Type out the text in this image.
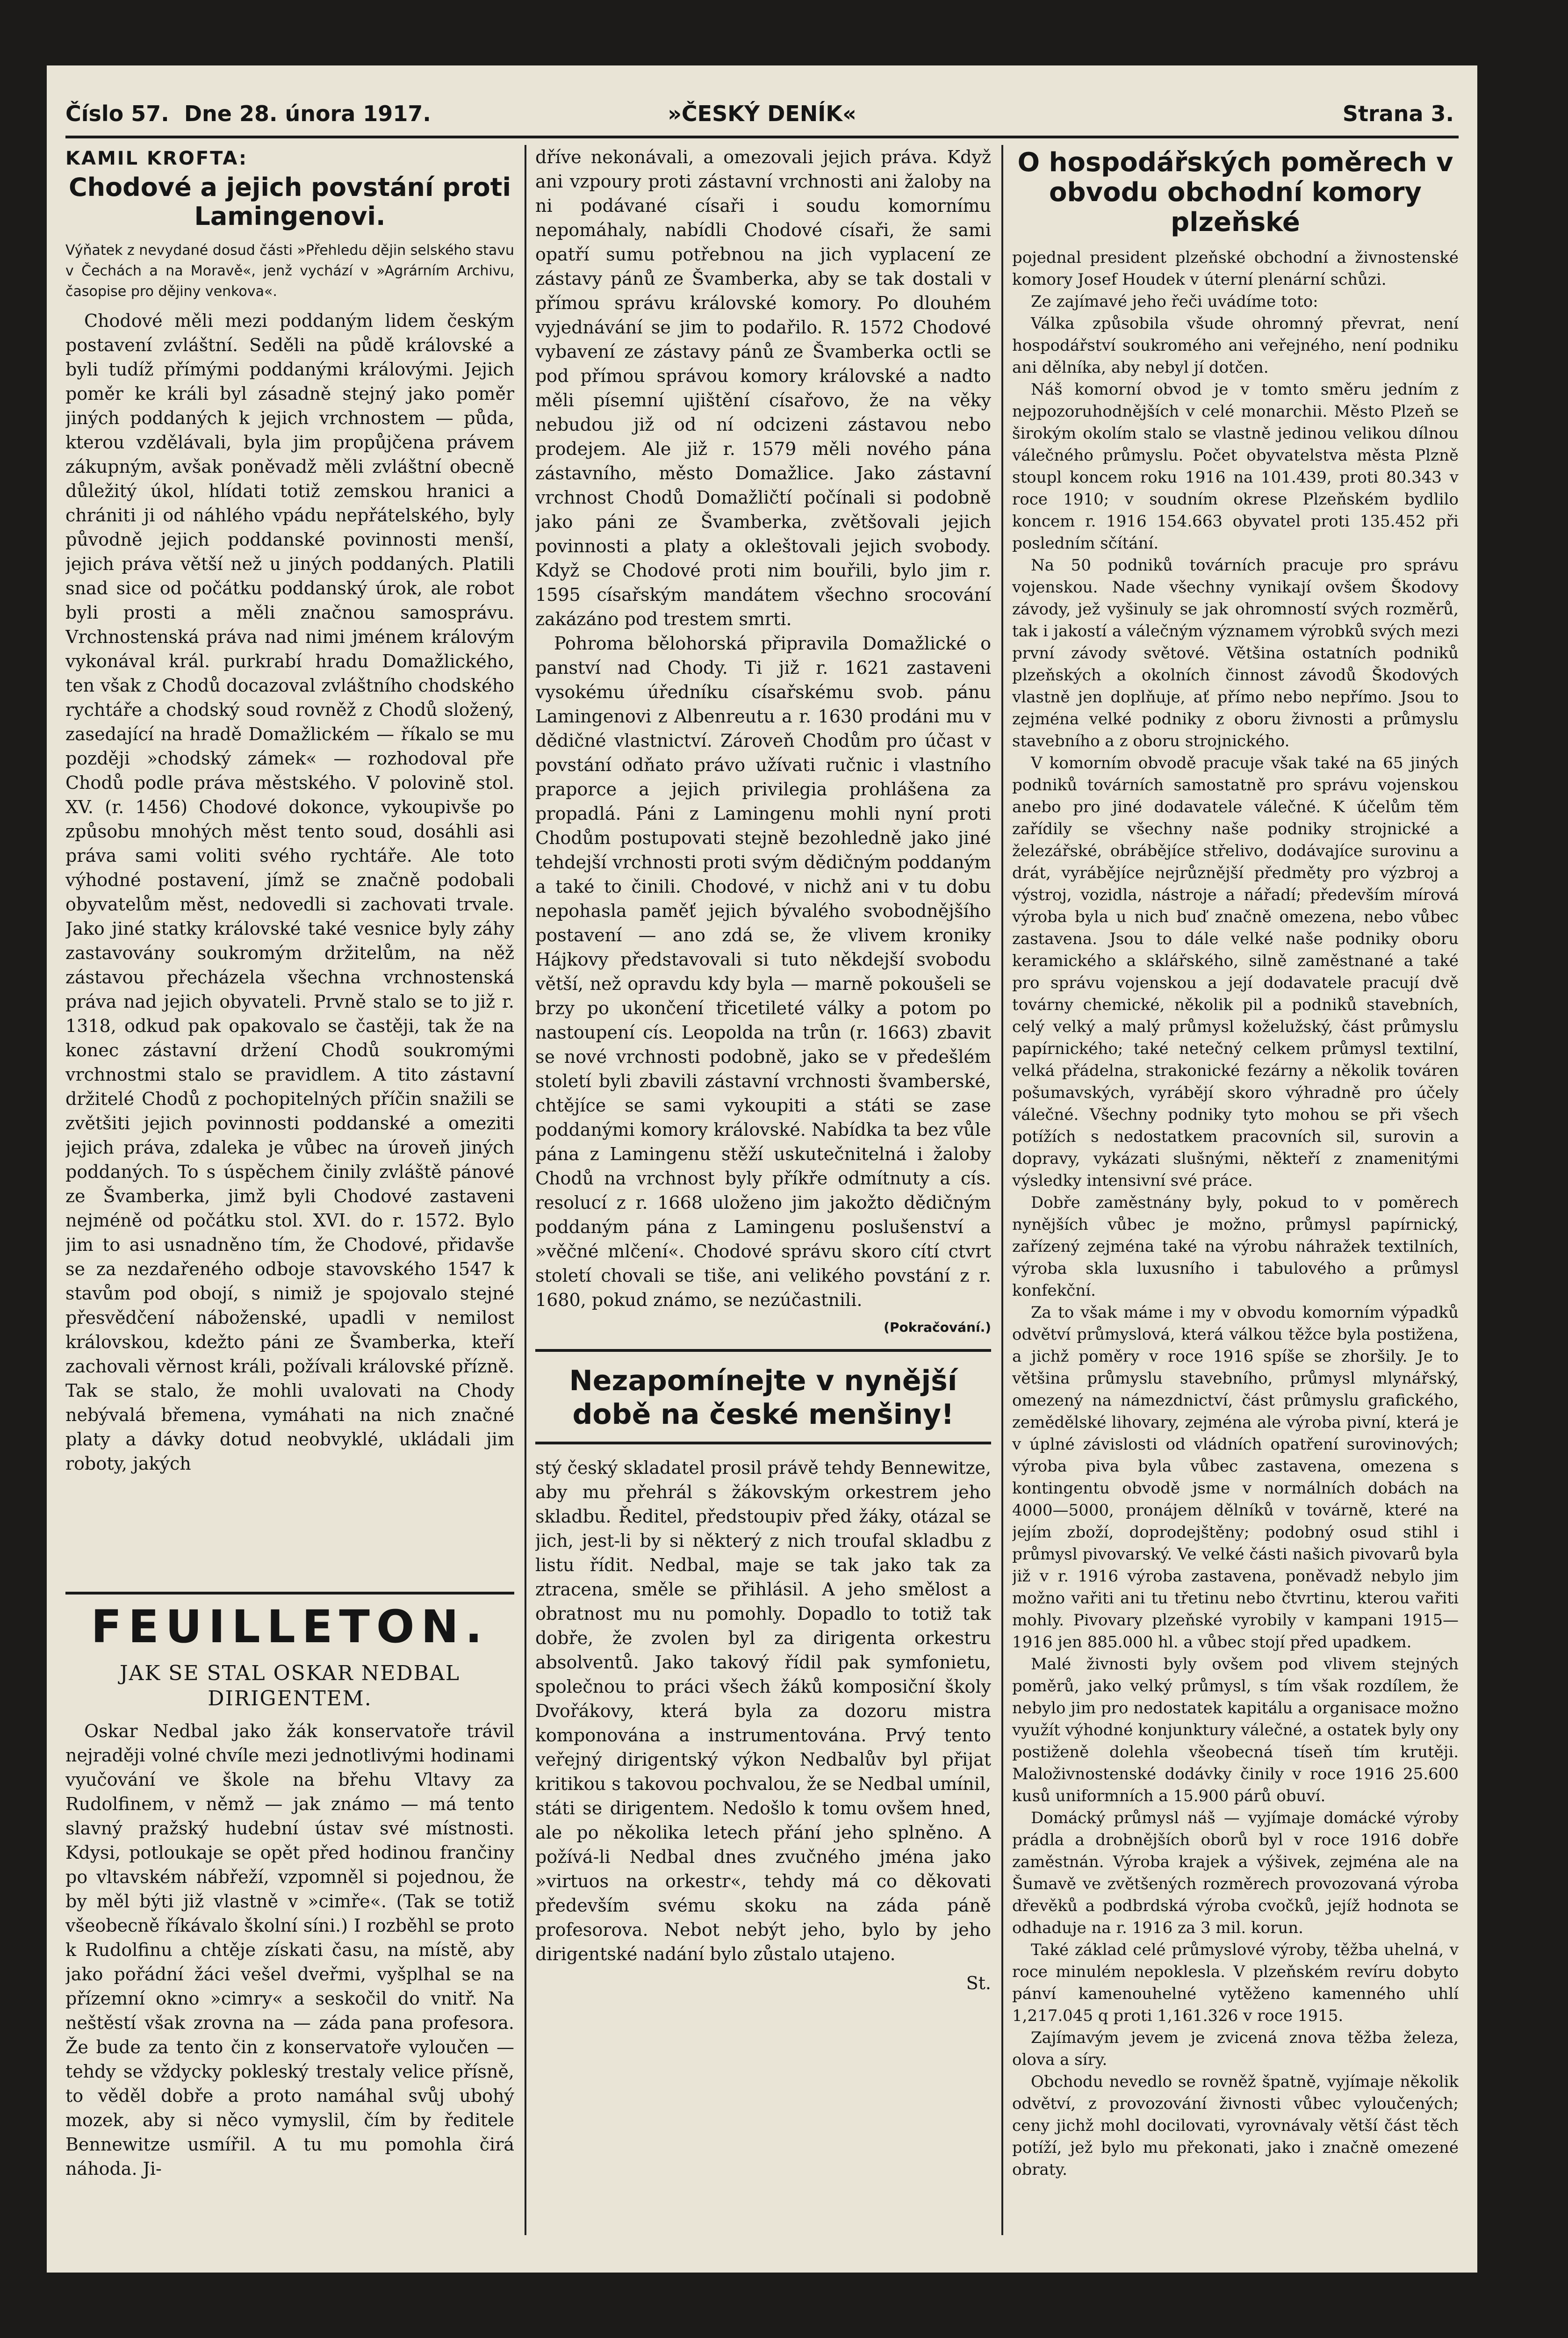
Číslo 57. Dne 28. února 1917.	»ČESKÝ DENÍK«	Strana 3.
KAMIL KROFTA:
Chodové a jejich povstání proti Lamingenovi.
Výňatek z nevydané dosud části »Přehledu dějin selského stavu v Čechách a na Moravě«, jenž vychází v »Agrárním Archivu, časopise pro dějiny venkova«.

Chodové měli mezi poddaným lidem českým postavení zvláštní. Seděli na půdě královské a byli tudíž přímými poddanými královými. Jejich poměr ke králi byl zásadně stejný jako poměr jiných poddaných k jejich vrchnostem — půda, kterou vzdělávali, byla jim propůjčena právem zákupným, avšak poněvadž měli zvláštní obecně důležitý úkol, hlídati totiž zemskou hranici a chrániti ji od náhlého vpádu nepřátelského, byly původně jejich poddanské povinnosti menší, jejich práva větší než u jiných poddaných. Platili snad sice od počátku poddanský úrok, ale robot byli prosti a měli značnou samosprávu. Vrchnostenská práva nad nimi jménem královým vykonával král. purkrabí hradu Domažlického, ten však z Chodů docazoval zvláštního chodského rychtáře a chodský soud rovněž z Chodů složený, zasedající na hradě Domažlickém — říkalo se mu později »chodský zámek« — rozhodoval pře Chodů podle práva městského. V polovině stol. XV. (r. 1456) Chodové dokonce, vykoupivše po způsobu mnohých měst tento soud, dosáhli asi práva sami voliti svého rychtáře. Ale toto výhodné postavení, jímž se značně podobali obyvatelům měst, nedovedli si zachovati trvale. Jako jiné statky královské také vesnice byly záhy zastavovány soukromým držitelům, na něž zástavou přecházela všechna vrchnostenská práva nad jejich obyvateli. Prvně stalo se to již r. 1318, odkud pak opakovalo se častěji, tak že na konec zástavní držení Chodů soukromými vrchnostmi stalo se pravidlem. A tito zástavní držitelé Chodů z pochopitelných příčin snažili se zvětšiti jejich povinnosti poddanské a omeziti jejich práva, zdaleka je vůbec na úroveň jiných poddaných. To s úspěchem činily zvláště pánové ze Švamberka, jimž byli Chodové zastaveni nejméně od počátku stol. XVI. do r. 1572. Bylo jim to asi usnadněno tím, že Chodové, přidavše se za nezdařeného odboje stavovského 1547 k stavům pod obojí, s nimiž je spojovalo stejné přesvědčení náboženské, upadli v nemilost královskou, kdežto páni ze Švamberka, kteří zachovali věrnost králi, požívali královské přízně. Tak se stalo, že mohli uvalovati na Chody nebývalá břemena, vymáhati na nich značné platy a dávky dotud neobvyklé, ukládali jim roboty, jakých

FEUILLETON.
JAK SE STAL OSKAR NEDBAL DIRIGENTEM.

Oskar Nedbal jako žák konservatoře trávil nejraději volné chvíle mezi jednotlivými hodinami vyučování ve škole na břehu Vltavy za Rudolfinem, v němž — jak známo — má tento slavný pražský hudební ústav své místnosti. Kdysi, potloukaje se opět před hodinou frančiny po vltavském nábřeží, vzpomněl si pojednou, že by měl býti již vlastně v »cimře«. (Tak se totiž všeobecně říkávalo školní síni.) I rozběhl se proto k Rudolfinu a chtěje získati času, na místě, aby jako pořádní žáci vešel dveřmi, vyšplhal se na přízemní okno »cimry« a seskočil do vnitř. Na neštěstí však zrovna na — záda pana profesora. Že bude za tento čin z konservatoře vyloučen — tehdy se vždycky pokleský trestaly velice přísně, to věděl dobře a proto namáhal svůj ubohý mozek, aby si něco vymyslil, čím by ředitele Bennewitze usmířil. A tu mu pomohla čirá náhoda. Ji-

dříve nekonávali, a omezovali jejich práva. Když ani vzpoury proti zástavní vrchnosti ani žaloby na ni podávané císaři i soudu komornímu nepomáhaly, nabídli Chodové císaři, že sami opatří sumu potřebnou na jich vyplacení ze zástavy pánů ze Švamberka, aby se tak dostali v přímou správu královské komory. Po dlouhém vyjednávání se jim to podařilo. R. 1572 Chodové vybavení ze zástavy pánů ze Švamberka octli se pod přímou správou komory královské a nadto měli písemní ujištění císařovo, že na věky nebudou již od ní odcizeni zástavou nebo prodejem. Ale již r. 1579 měli nového pána zástavního, město Domažlice. Jako zástavní vrchnost Chodů Domažličtí počínali si podobně jako páni ze Švamberka, zvětšovali jejich povinnosti a platy a okleštovali jejich svobody. Když se Chodové proti nim bouřili, bylo jim r. 1595 císařským mandátem všechno srocování zakázáno pod trestem smrti.

Pohroma bělohorská připravila Domažlické o panství nad Chody. Ti již r. 1621 zastaveni vysokému úředníku císařskému svob. pánu Lamingenovi z Albenreutu a r. 1630 prodáni mu v dědičné vlastnictví. Zároveň Chodům pro účast v povstání odňato právo užívati ručnic i vlastního praporce a jejich privilegia prohlášena za propadlá. Páni z Lamingenu mohli nyní proti Chodům postupovati stejně bezohledně jako jiné tehdejší vrchnosti proti svým dědičným poddaným a také to činili. Chodové, v nichž ani v tu dobu nepohasla paměť jejich bývalého svobodnějšího postavení — ano zdá se, že vlivem kroniky Hájkovy představovali si tuto někdejší svobodu větší, než opravdu kdy byla — marně pokoušeli se brzy po ukončení třicetileté války a potom po nastoupení cís. Leopolda na trůn (r. 1663) zbavit se nové vrchnosti podobně, jako se v předešlém století byli zbavili zástavní vrchnosti švamberské, chtějíce se sami vykoupiti a státi se zase poddanými komory královské. Nabídka ta bez vůle pána z Lamingenu stěží uskutečnitelná i žaloby Chodů na vrchnost byly příkře odmítnuty a cís. resolucí z r. 1668 uloženo jim jakožto dědičným poddaným pána z Lamingenu poslušenství a »věčné mlčení«. Chodové správu skoro cítí ctvrt století chovali se tiše, ani velikého povstání z r. 1680, pokud známo, se nezúčastnili.

(Pokračování.)
Nezapomínejte v nynější době na české menšiny!

stý český skladatel prosil právě tehdy Bennewitze, aby mu přehrál s žákovským orkestrem jeho skladbu. Ředitel, předstoupiv před žáky, otázal se jich, jest-li by si některý z nich troufal skladbu z listu řídit. Nedbal, maje se tak jako tak za ztracena, směle se přihlásil. A jeho smělost a obratnost mu nu pomohly. Dopadlo to totiž tak dobře, že zvolen byl za dirigenta orkestru absolventů. Jako takový řídil pak symfonietu, společnou to práci všech žáků komposiční školy Dvořákovy, která byla za dozoru mistra komponována a instrumentována. Prvý tento veřejný dirigentský výkon Nedbalův byl přijat kritikou s takovou pochvalou, že se Nedbal umínil, státi se dirigentem. Nedošlo k tomu ovšem hned, ale po několika letech přání jeho splněno. A požívá-li Nedbal dnes zvučného jména jako »virtuos na orkestr«, tehdy má co děkovati především svému skoku na záda páně profesorova. Nebot nebýt jeho, bylo by jeho dirigentské nadání bylo zůstalo utajeno.

St.
O hospodářských poměrech v obvodu obchodní komory plzeňské

pojednal president plzeňské obchodní a živnostenské komory Josef Houdek v úterní plenární schůzi.

Ze zajímavé jeho řeči uvádíme toto:

Válka způsobila všude ohromný převrat, není hospodářství soukromého ani veřejného, není podniku ani dělníka, aby nebyl jí dotčen.

Náš komorní obvod je v tomto směru jedním z nejpozoruhodnějších v celé monarchii. Město Plzeň se širokým okolím stalo se vlastně jedinou velikou dílnou válečného průmyslu. Počet obyvatelstva města Plzně stoupl koncem roku 1916 na 101.439, proti 80.343 v roce 1910; v soudním okrese Plzeňském bydlilo koncem r. 1916 154.663 obyvatel proti 135.452 při posledním sčítání.

Na 50 podniků továrních pracuje pro správu vojenskou. Nade všechny vynikají ovšem Škodovy závody, jež vyšinuly se jak ohromností svých rozměrů, tak i jakostí a válečným významem výrobků svých mezi první závody světové. Většina ostatních podniků plzeňských a okolních činnost závodů Škodových vlastně jen doplňuje, ať přímo nebo nepřímo. Jsou to zejména velké podniky z oboru živnosti a průmyslu stavebního a z oboru strojnického.

V komorním obvodě pracuje však také na 65 jiných podniků továrních samostatně pro správu vojenskou anebo pro jiné dodavatele válečné. K účelům těm zařídily se všechny naše podniky strojnické a železářské, obrábějíce střelivo, dodávajíce surovinu a drát, vyrábějíce nejrůznější předměty pro výzbroj a výstroj, vozidla, nástroje a nářadí; především mírová výroba byla u nich buď značně omezena, nebo vůbec zastavena. Jsou to dále velké naše podniky oboru keramického a sklářského, silně zaměstnané a také pro správu vojenskou a její dodavatele pracují dvě továrny chemické, několik pil a podniků stavebních, celý velký a malý průmysl koželužský, část průmyslu papírnického; také netečný celkem průmysl textilní, velká přádelna, strakonické fezárny a několik továren pošumavských, vyrábějí skoro výhradně pro účely válečné. Všechny podniky tyto mohou se při všech potížích s nedostatkem pracovních sil, surovin a dopravy, vykázati slušnými, někteří z znamenitými výsledky intensivní své práce.

Dobře zaměstnány byly, pokud to v poměrech nynějších vůbec je možno, průmysl papírnický, zařízený zejména také na výrobu náhražek textilních, výroba skla luxusního i tabulového a průmysl konfekční.

Za to však máme i my v obvodu komorním výpadků odvětví průmyslová, která válkou těžce byla postižena, a jichž poměry v roce 1916 spíše se zhoršily. Je to většina průmyslu stavebního, průmysl mlynářský, omezený na námezdnictví, část průmyslu grafického, zemědělské lihovary, zejména ale výroba pivní, která je v úplné závislosti od vládních opatření surovinových; výroba piva byla vůbec zastavena, omezena s kontingentu obvodě jsme v normálních dobách na 4000—5000, pronájem dělníků v továrně, které na jejím zboží, doprodejštěny; podobný osud stihl i průmysl pivovarský. Ve velké části našich pivovarů byla již v r. 1916 výroba zastavena, poněvadž nebylo jim možno vařiti ani tu třetinu nebo čtvrtinu, kterou vařiti mohly. Pivovary plzeňské vyrobily v kampani 1915—1916 jen 885.000 hl. a vůbec stojí před upadkem.

Malé živnosti byly ovšem pod vlivem stejných poměrů, jako velký průmysl, s tím však rozdílem, že nebylo jim pro nedostatek kapitálu a organisace možno využít výhodné konjunktury válečné, a ostatek byly ony postiženě dolehla všeobecná tíseň tím krutěji. Maloživnostenské dodávky činily v roce 1916 25.600 kusů uniformních a 15.900 párů obuví.

Domácký průmysl náš — vyjímaje domácké výroby prádla a drobnějších oborů byl v roce 1916 dobře zaměstnán. Výroba krajek a výšivek, zejména ale na Šumavě ve zvětšených rozměrech provozovaná výroba dřevěků a podbrdská výroba cvočků, jejíž hodnota se odhaduje na r. 1916 za 3 mil. korun.

Také základ celé průmyslové výroby, těžba uhelná, v roce minulém nepoklesla. V plzeňském revíru dobyto pánví kamenouhelné vytěženo kamenného uhlí 1,217.045 q proti 1,161.326 v roce 1915.

Zajímavým jevem je zvicená znova těžba železa, olova a síry.

Obchodu nevedlo se rovněž špatně, vyjímaje několik odvětví, z provozování živnosti vůbec vyloučených; ceny jichž mohl docilovati, vyrovnávaly větší část těch potíží, jež bylo mu překonati, jako i značně omezené obraty.
